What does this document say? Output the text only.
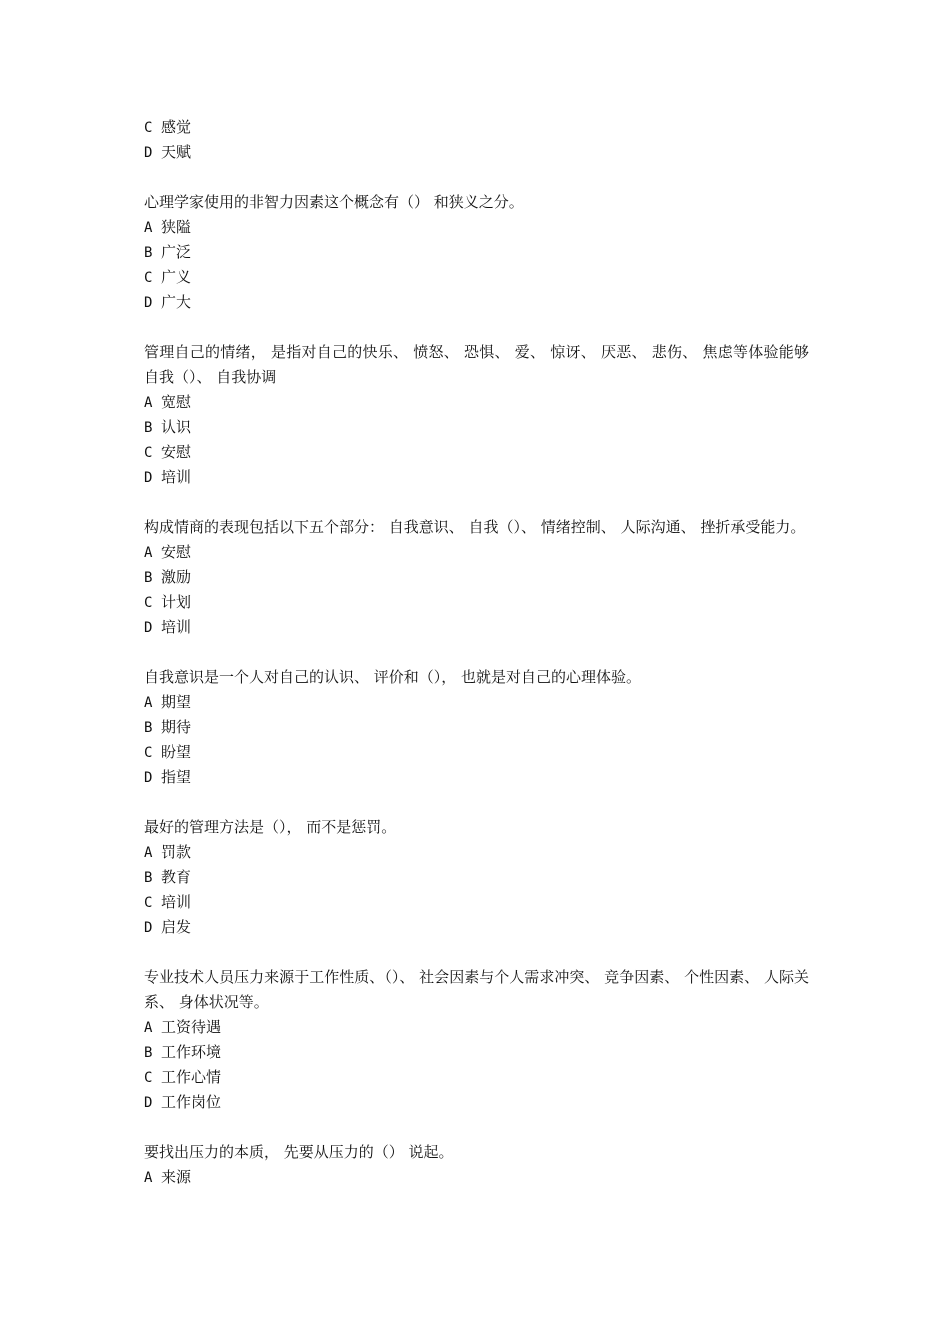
C 感觉
D 天赋
心理学家使用的非智力因素这个概念有（） 和狭义之分。
A 狭隘
B 广泛
C 广义
D 广大
管理自己的情绪， 是指对自己的快乐、 愤怒、 恐惧、 爱、 惊讶、 厌恶、 悲伤、 焦虑等体验能够自我（）、 自我协调
A 宽慰
B 认识
C 安慰
D 培训
构成情商的表现包括以下五个部分： 自我意识、 自我（）、 情绪控制、 人际沟通、 挫折承受能力。
A 安慰
B 激励
C 计划
D 培训
自我意识是一个人对自己的认识、 评价和（）， 也就是对自己的心理体验。
A 期望
B 期待
C 盼望
D 指望
最好的管理方法是（）， 而不是惩罚。
A 罚款
B 教育
C 培训
D 启发
专业技术人员压力来源于工作性质、（）、 社会因素与个人需求冲突、 竞争因素、 个性因素、 人际关系、 身体状况等。
A 工资待遇
B 工作环境
C 工作心情
D 工作岗位
要找出压力的本质， 先要从压力的（） 说起。
A 来源
